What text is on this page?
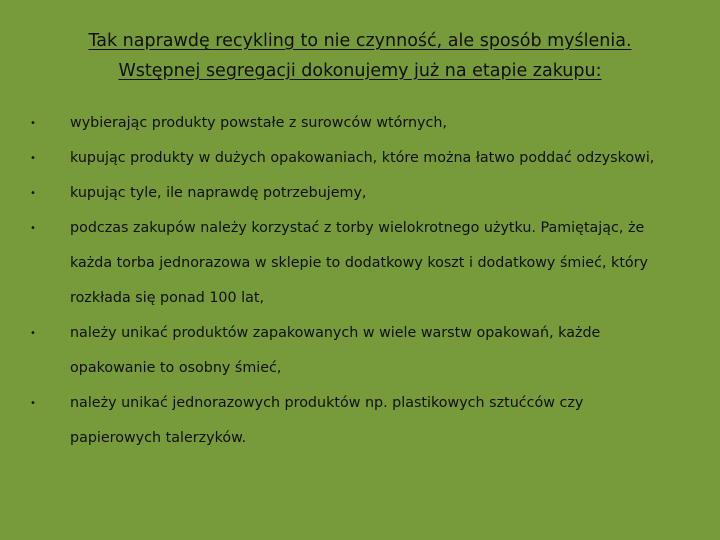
Tak naprawdę recykling to nie czynność, ale sposób myślenia.
Wstępnej segregacji dokonujemy już na etapie zakupu:
•	wybierając produkty powstałe z surowców wtórnych,
•	kupując produkty w dużych opakowaniach, które można łatwo poddać odzyskowi,
•	kupując tyle, ile naprawdę potrzebujemy,
•	podczas zakupów należy korzystać z torby wielokrotnego użytku. Pamiętając, że
każda torba jednorazowa w sklepie to dodatkowy koszt i dodatkowy śmieć, który
rozkłada się ponad 100 lat,
•	należy unikać produktów zapakowanych w wiele warstw opakowań, każde
opakowanie to osobny śmieć,
•	należy unikać jednorazowych produktów np. plastikowych sztućców czy
papierowych talerzyków.
